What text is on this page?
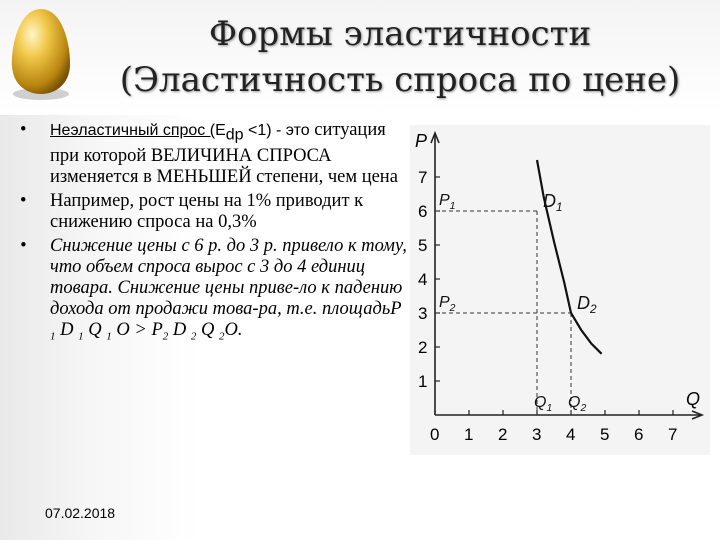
Формы эластичности
(Эластичность спроса по цене)
• Неэластичный спрос $(E_{dp} <1)$ - это ситуация при которой ВЕЛИЧИНА СПРОСА изменяется в МЕНЬШЕЙ степени, чем цена
• Например, рост цены на 1% приводит к снижению спроса на 0,3%
• Снижение цены с 6 р. до 3 р. привело к тому, что объем спроса вырос с 3 до 4 единиц товара. Снижение цены приве-ло к падению дохода от продажи това-ра, т.е. площадьP $_1$ D $_1$ Q $_1$ $O > P_2$ D $_2$ Q $_2$O.
07.02.2018
P
Q
0 1 2 3 4 5 6 7
1
2
3
4
5
6
7
$D_1$
$D_2$
$P_1$
$P_2$
$Q_1$ $Q_2$
